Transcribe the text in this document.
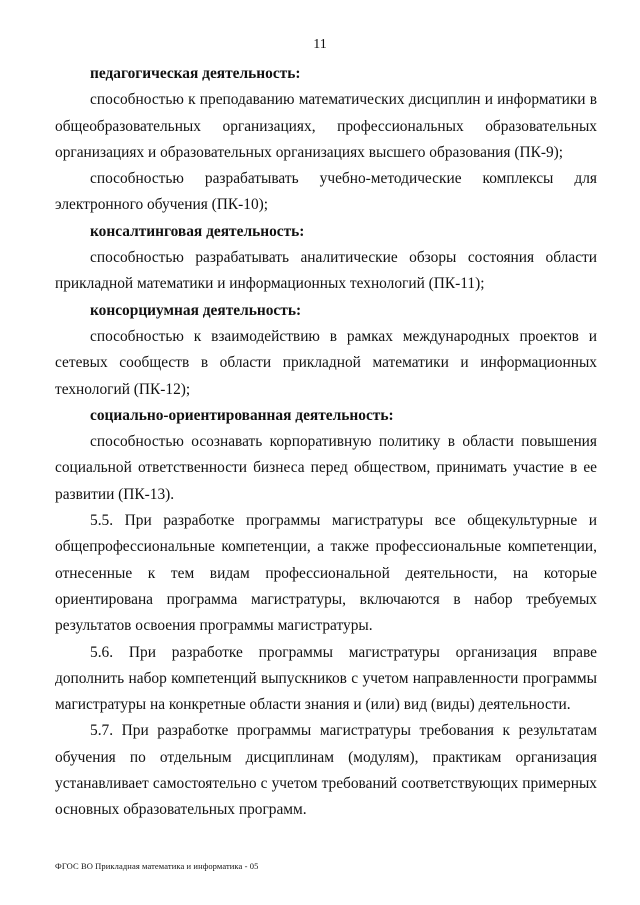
11

педагогическая деятельность:

способностью к преподаванию математических дисциплин и информатики в общеобразовательных организациях, профессиональных образовательных организациях и образовательных организациях высшего образования (ПК-9);

способностью разрабатывать учебно-методические комплексы для электронного обучения (ПК-10);

консалтинговая деятельность:

способностью разрабатывать аналитические обзоры состояния области прикладной математики и информационных технологий (ПК-11);

консорциумная деятельность:

способностью к взаимодействию в рамках международных проектов и сетевых сообществ в области прикладной математики и информационных технологий (ПК-12);

социально-ориентированная деятельность:

способностью осознавать корпоративную политику в области повышения социальной ответственности бизнеса перед обществом, принимать участие в ее развитии (ПК-13).

5.5. При разработке программы магистратуры все общекультурные и общепрофессиональные компетенции, а также профессиональные компетенции, отнесенные к тем видам профессиональной деятельности, на которые ориентирована программа магистратуры, включаются в набор требуемых результатов освоения программы магистратуры.

5.6. При разработке программы магистратуры организация вправе дополнить набор компетенций выпускников с учетом направленности программы магистратуры на конкретные области знания и (или) вид (виды) деятельности.

5.7. При разработке программы магистратуры требования к результатам обучения по отдельным дисциплинам (модулям), практикам организация устанавливает самостоятельно с учетом требований соответствующих примерных основных образовательных программ.

ФГОС ВО Прикладная математика и информатика - 05
